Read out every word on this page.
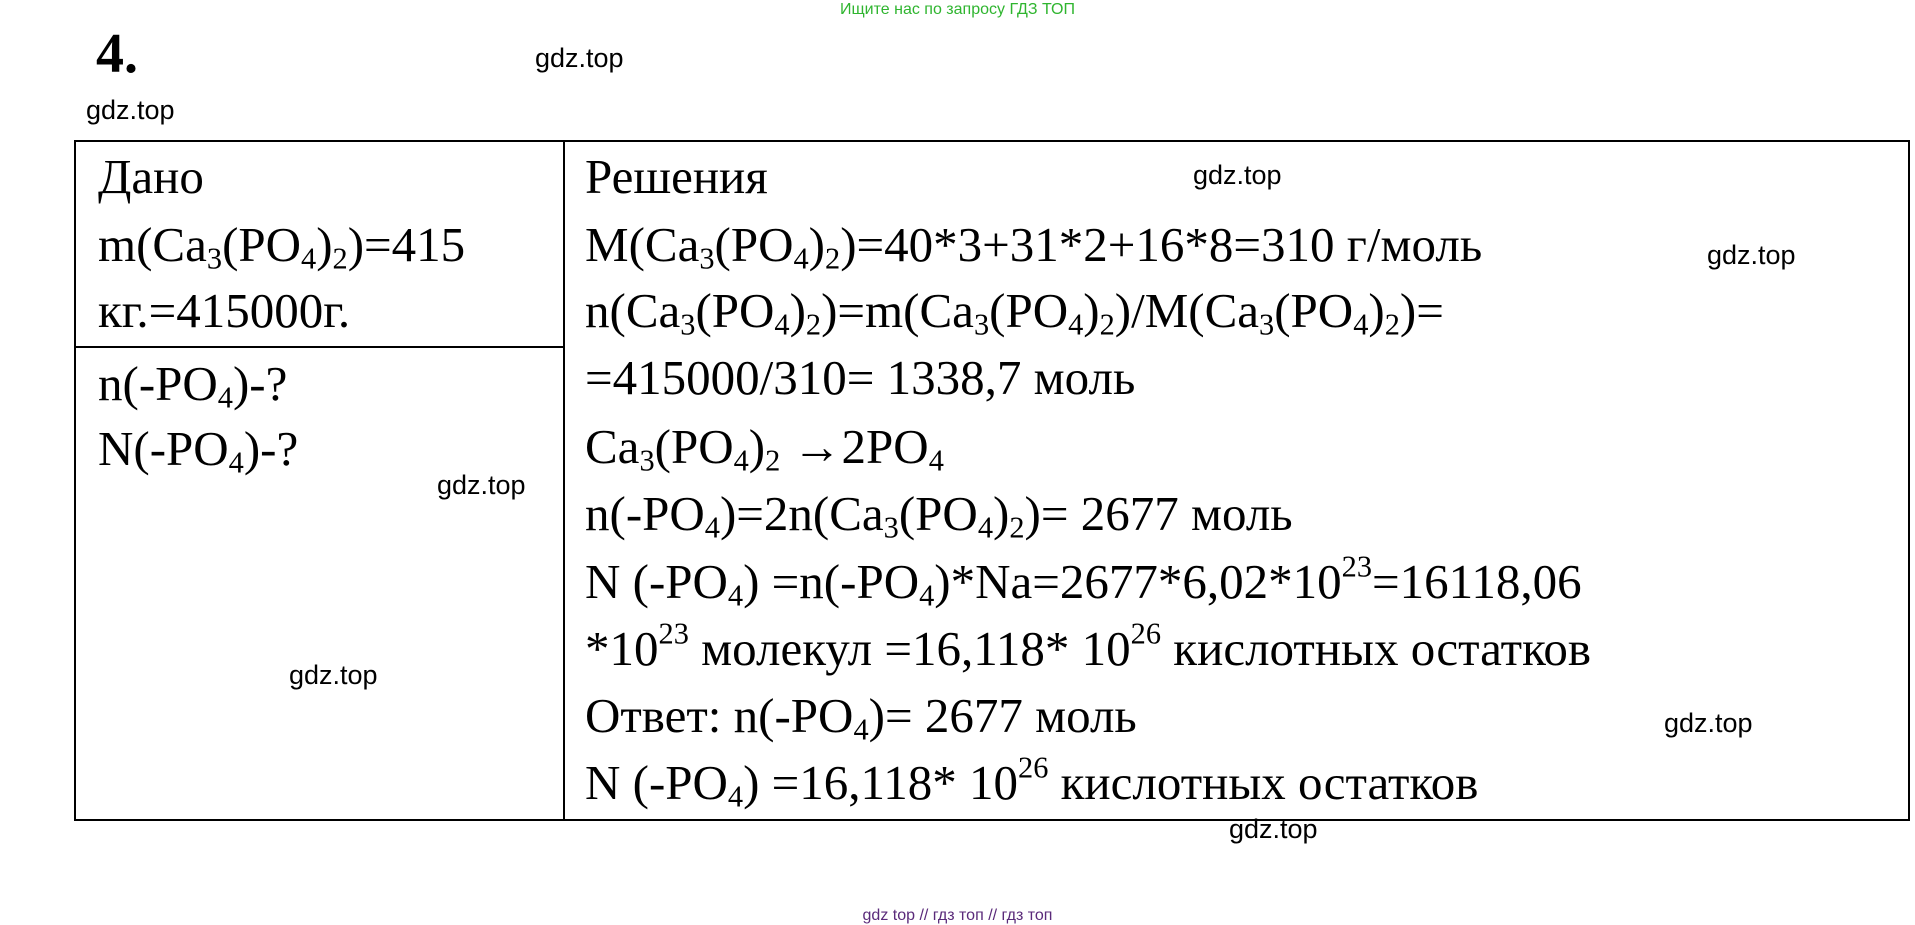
Ищите нас по запросу ГДЗ ТОП
4.	gdz.top
gdz.top
gdz.top
gdz.top
gdz.top
gdz.top
gdz.top
gdz.top
Дано
$m(Ca_3(PO_4)_2)=415$
кг.=415000г.
$n(-PO_4)-$?
$N(-PO_4)-$?
Решения
$M(Ca_3(PO_4)_2)=40*3+31*2+16*8=310$ г/моль
$n(Ca_3(PO_4)_2)=m(Ca_3(PO_4)_2)/M(Ca_3(PO_4)_2)=$
=415000/310= 1338,7 моль
$Ca_3(PO_4)_2 \to 2PO_4$
$n(-PO_4)=2n(Ca_3(PO_4)_2)= 2677$ моль
N $(-PO_4) =n(-PO_4)*Na=2677*6,02*10^{23}=16118,06$
$*10^{23}$ молекул =16,118* $10^{26}$ кислотных остатков
Ответ: $n(-PO_4)= 2677$ моль
N $(-PO_4) =16,118*$ $10^{26}$ кислотных остатков
gdz top // гдз топ // гдз топ
